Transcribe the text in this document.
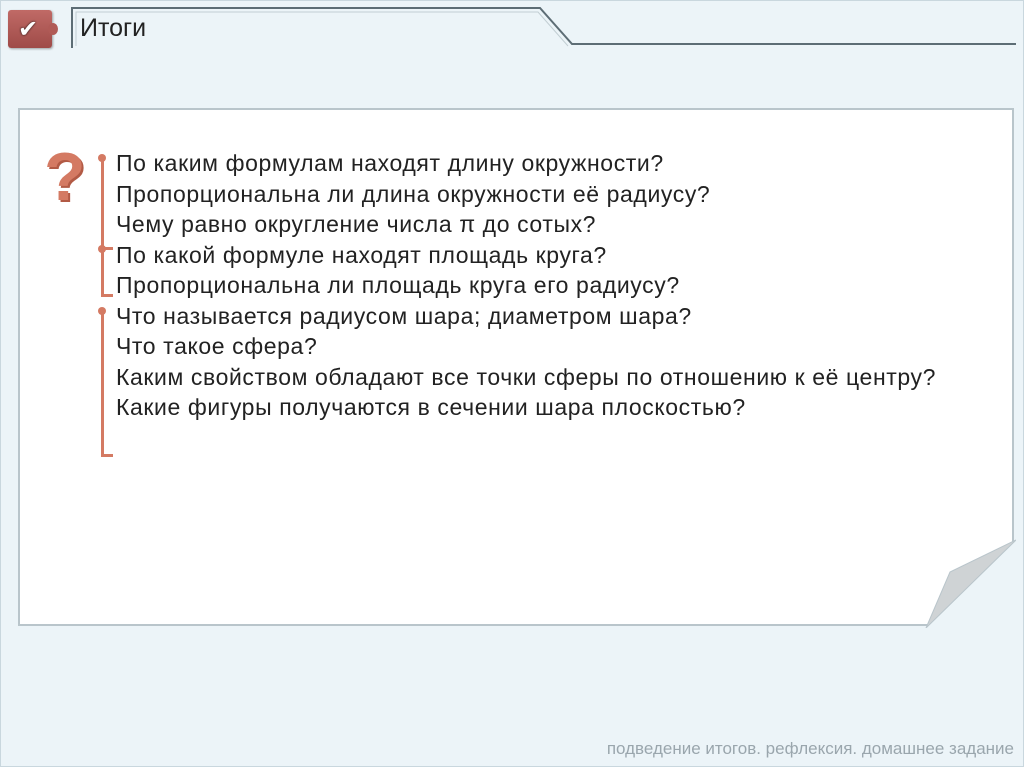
✔ Итоги
? По каким формулам находят длину окружности?
Пропорциональна ли длина окружности её радиусу?
Чему равно округление числа π до сотых?
По какой формуле находят площадь круга?
Пропорциональна ли площадь круга его радиусу?
Что называется радиусом шара; диаметром шара?
Что такое сфера?
Каким свойством обладают все точки сферы по отношению к её центру?
Какие фигуры получаются в сечении шара плоскостью?
подведение итогов. рефлексия. домашнее задание
